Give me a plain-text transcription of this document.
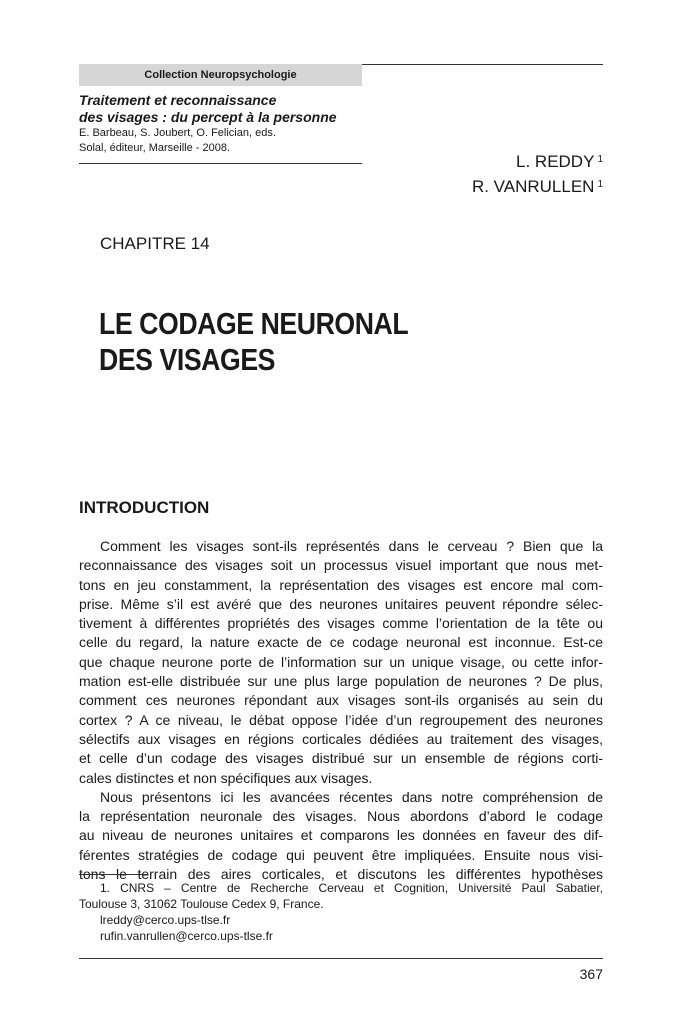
Collection Neuropsychologie
Traitement et reconnaissance
des visages : du percept à la personne
E. Barbeau, S. Joubert, O. Felician, eds.
Solal, éditeur, Marseille - 2008.
L. REDDY $^1$
R. VANRULLEN $^1$
CHAPITRE 14
LE CODAGE NEURONAL
DES VISAGES
INTRODUCTION
Comment les visages sont-ils représentés dans le cerveau ? Bien que la
reconnaissance des visages soit un processus visuel important que nous met-
tons en jeu constamment, la représentation des visages est encore mal com-
prise. Même s’il est avéré que des neurones unitaires peuvent répondre sélec-
tivement à différentes propriétés des visages comme l’orientation de la tête ou
celle du regard, la nature exacte de ce codage neuronal est inconnue. Est-ce
que chaque neurone porte de l’information sur un unique visage, ou cette infor-
mation est-elle distribuée sur une plus large population de neurones ? De plus,
comment ces neurones répondant aux visages sont-ils organisés au sein du
cortex ? A ce niveau, le débat oppose l’idée d’un regroupement des neurones
sélectifs aux visages en régions corticales dédiées au traitement des visages,
et celle d’un codage des visages distribué sur un ensemble de régions corti-
cales distinctes et non spécifiques aux visages.
Nous présentons ici les avancées récentes dans notre compréhension de
la représentation neuronale des visages. Nous abordons d’abord le codage
au niveau de neurones unitaires et comparons les données en faveur des dif-
férentes stratégies de codage qui peuvent être impliquées. Ensuite nous visi-
tons le terrain des aires corticales, et discutons les différentes hypothèses
1. CNRS – Centre de Recherche Cerveau et Cognition, Université Paul Sabatier,
Toulouse 3, 31062 Toulouse Cedex 9, France.
lreddy@cerco.ups-tlse.fr
rufin.vanrullen@cerco.ups-tlse.fr
367
